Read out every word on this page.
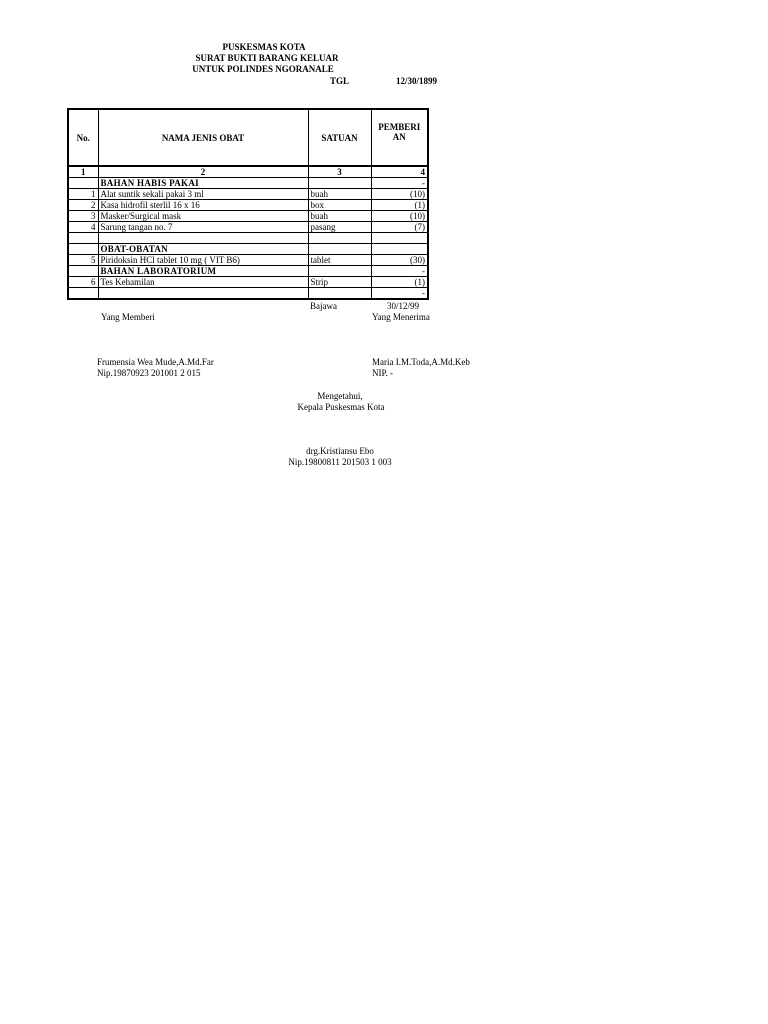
PUSKESMAS KOTA
SURAT BUKTI BARANG KELUAR
UNTUK POLINDES NGORANALE
TGL	12/30/1899
No.	NAMA JENIS OBAT	SATUAN	PEMBERI
AN
1	2	3	4
	BAHAN HABIS PAKAI		-
1	Alat suntik sekali pakai 3 ml	buah	(10)
2	Kasa hidrofil sterlil 16 x 16	box	(1)
3	Masker/Surgical mask	buah	(10)
4	Sarung tangan no. 7	pasang	(7)

	OBAT-OBATAN		
5	Piridoksin HCl tablet 10 mg ( VIT B6)	tablet	(30)
	BAHAN LABORATORIUM		-
6	Tes Kehamilan	Strip	(1)
			-
Bajawa	30/12/99
Yang Memberi	Yang Menerima
Frumensia Wea Mude,A.Md.Far
Nip.19870923 201001 2 015
Maria I.M.Toda,A.Md.Keb
NIP. -
Mengetahui,
Kepala Puskesmas Kota
drg.Kristiansu Ebo
Nip.19800811 201503 1 003
